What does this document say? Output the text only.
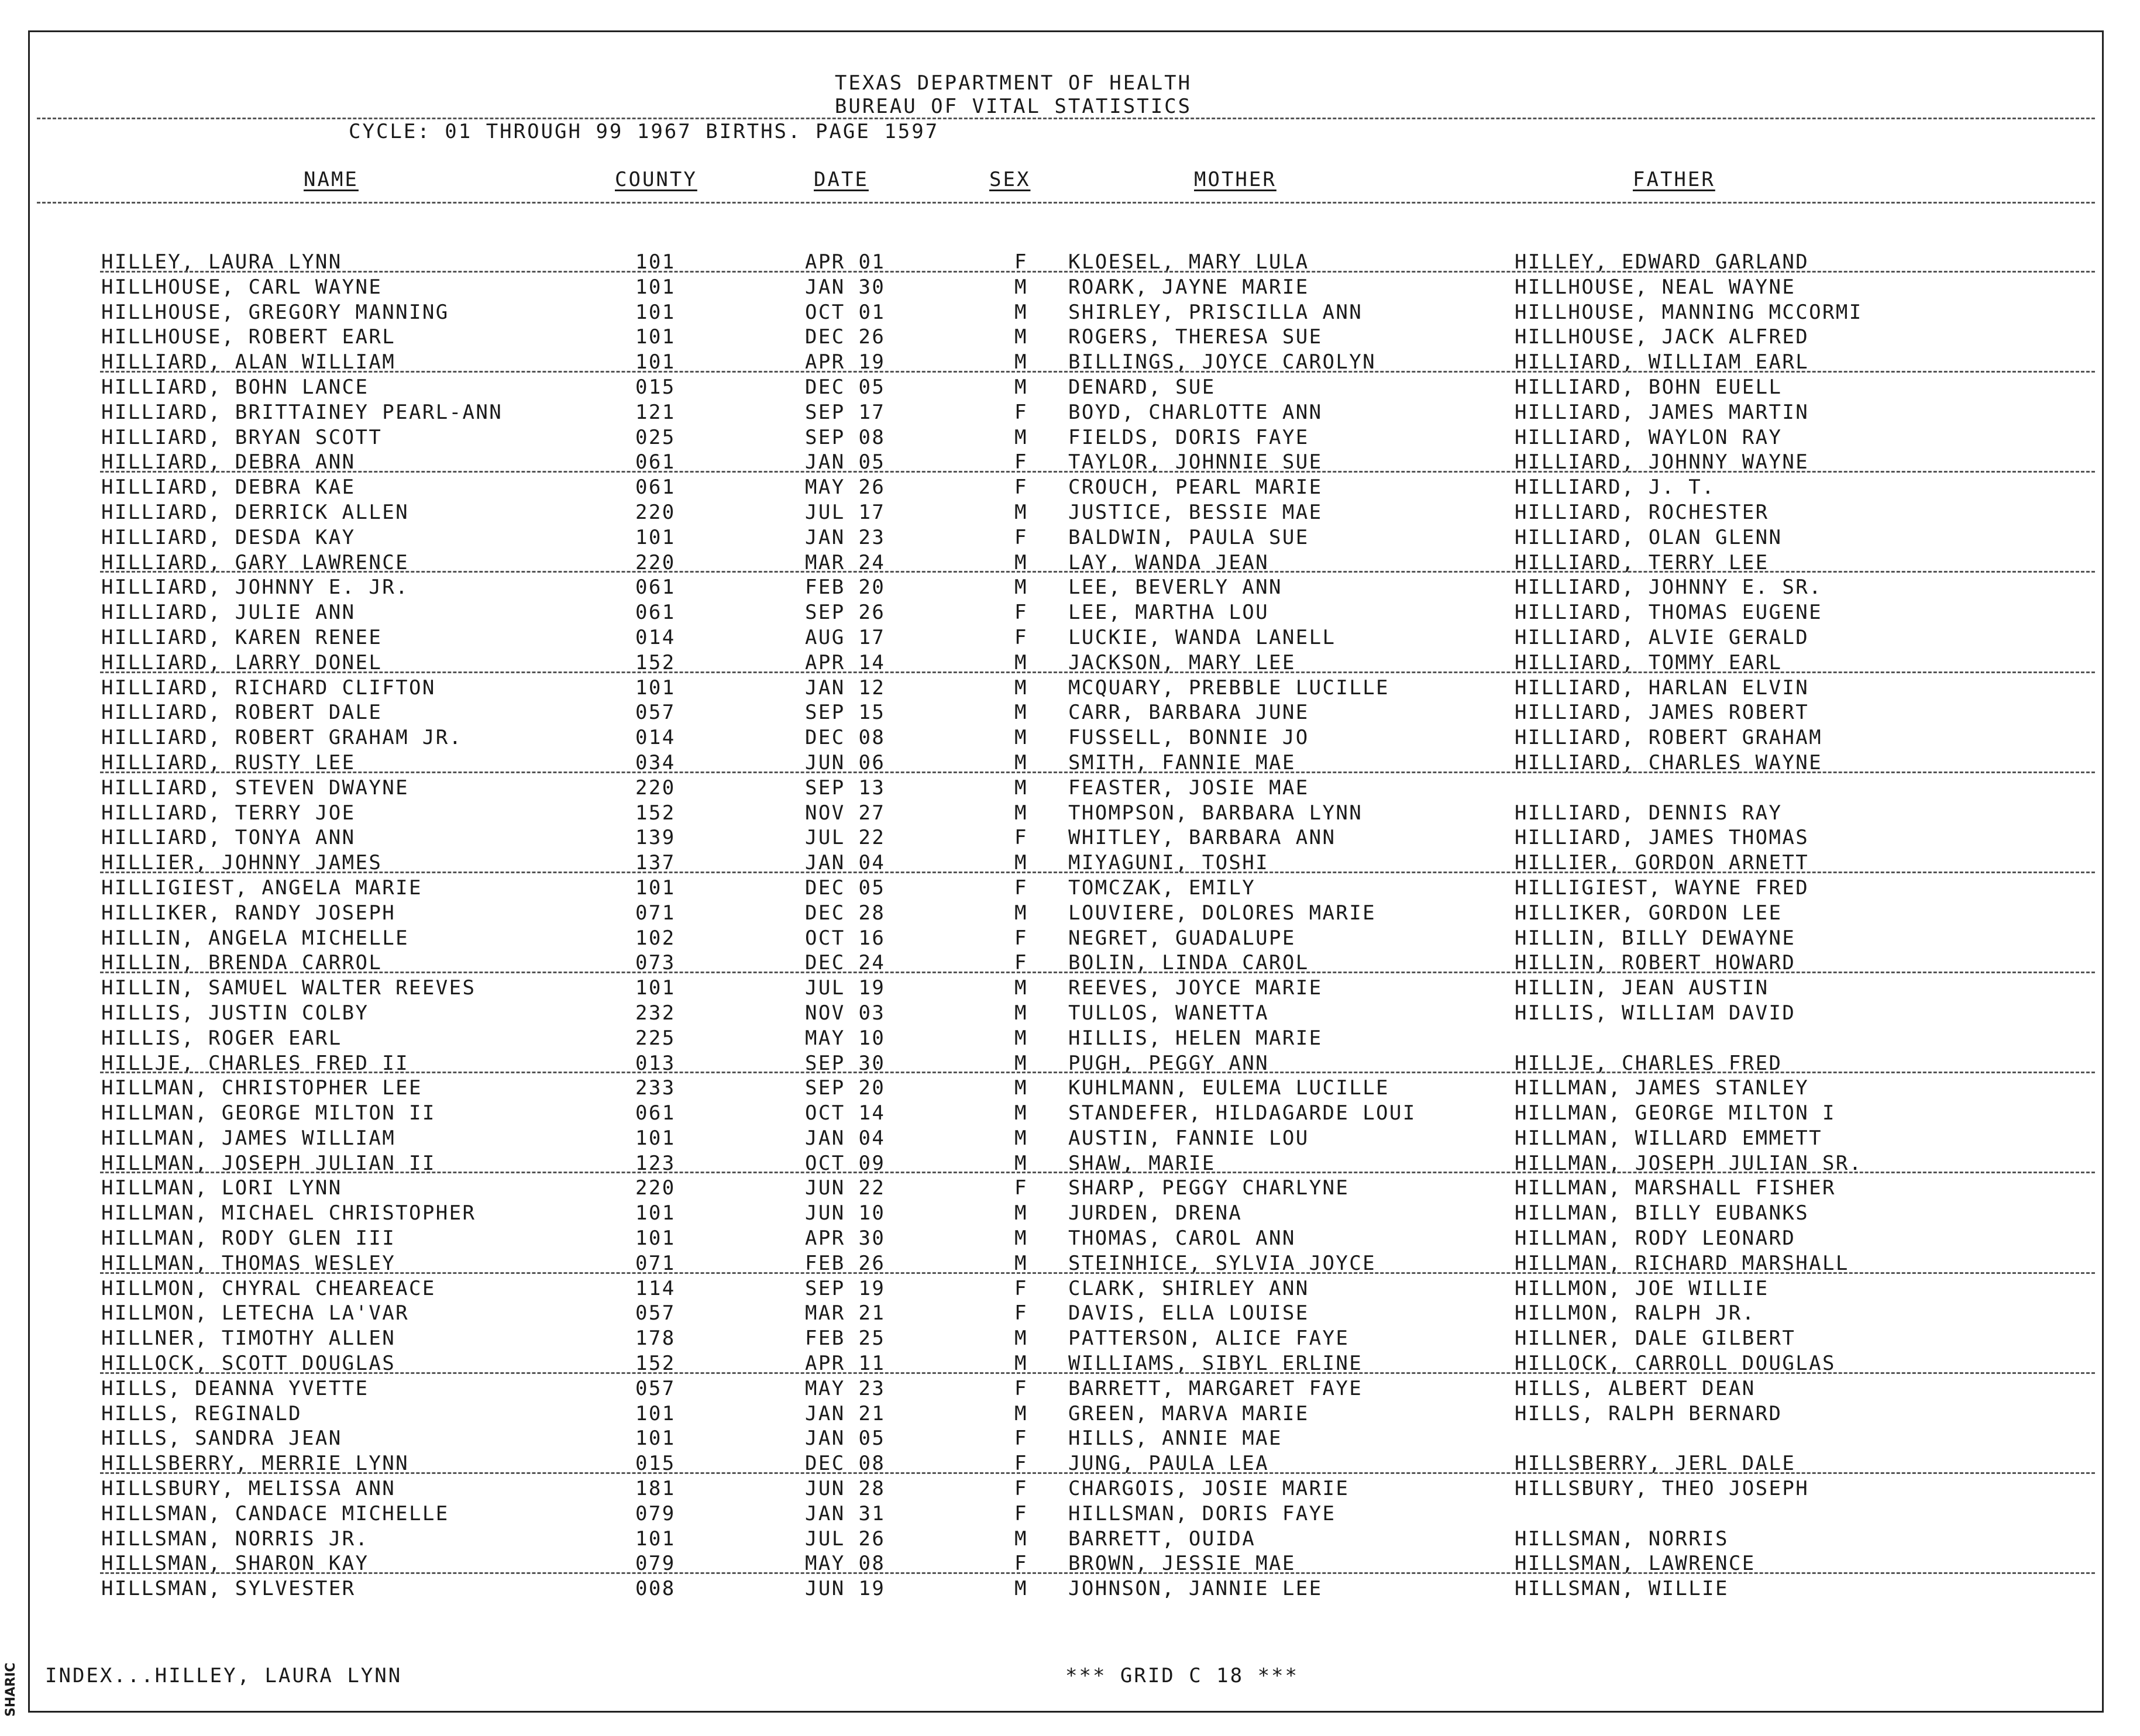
TEXAS DEPARTMENT OF HEALTH
BUREAU OF VITAL STATISTICS
CYCLE: 01 THROUGH 99 1967 BIRTHS. PAGE 1597
NAME	COUNTY	DATE	SEX	MOTHER	FATHER
HILLEY, LAURA LYNN	101	APR 01	F KLOESEL, MARY LULA	HILLEY, EDWARD GARLAND
HILLHOUSE, CARL WAYNE	101	JAN 30	M ROARK, JAYNE MARIE	HILLHOUSE, NEAL WAYNE
HILLHOUSE, GREGORY MANNING	101	OCT 01	M SHIRLEY, PRISCILLA ANN	HILLHOUSE, MANNING MCCORMI
HILLHOUSE, ROBERT EARL	101	DEC 26	M ROGERS, THERESA SUE	HILLHOUSE, JACK ALFRED
HILLIARD, ALAN WILLIAM	101	APR 19	M BILLINGS, JOYCE CAROLYN	HILLIARD, WILLIAM EARL
HILLIARD, BOHN LANCE	015	DEC 05	M DENARD, SUE	HILLIARD, BOHN EUELL
HILLIARD, BRITTAINEY PEARL-ANN	121	SEP 17	F BOYD, CHARLOTTE ANN	HILLIARD, JAMES MARTIN
HILLIARD, BRYAN SCOTT	025	SEP 08	M FIELDS, DORIS FAYE	HILLIARD, WAYLON RAY
HILLIARD, DEBRA ANN	061	JAN 05	F TAYLOR, JOHNNIE SUE	HILLIARD, JOHNNY WAYNE
HILLIARD, DEBRA KAE	061	MAY 26	F CROUCH, PEARL MARIE	HILLIARD, J. T.
HILLIARD, DERRICK ALLEN	220	JUL 17	M JUSTICE, BESSIE MAE	HILLIARD, ROCHESTER
HILLIARD, DESDA KAY	101	JAN 23	F BALDWIN, PAULA SUE	HILLIARD, OLAN GLENN
HILLIARD, GARY LAWRENCE	220	MAR 24	M LAY, WANDA JEAN	HILLIARD, TERRY LEE
HILLIARD, JOHNNY E. JR.	061	FEB 20	M LEE, BEVERLY ANN	HILLIARD, JOHNNY E. SR.
HILLIARD, JULIE ANN	061	SEP 26	F LEE, MARTHA LOU	HILLIARD, THOMAS EUGENE
HILLIARD, KAREN RENEE	014	AUG 17	F LUCKIE, WANDA LANELL	HILLIARD, ALVIE GERALD
HILLIARD, LARRY DONEL	152	APR 14	M JACKSON, MARY LEE	HILLIARD, TOMMY EARL
HILLIARD, RICHARD CLIFTON	101	JAN 12	M MCQUARY, PREBBLE LUCILLE	HILLIARD, HARLAN ELVIN
HILLIARD, ROBERT DALE	057	SEP 15	M CARR, BARBARA JUNE	HILLIARD, JAMES ROBERT
HILLIARD, ROBERT GRAHAM JR.	014	DEC 08	M FUSSELL, BONNIE JO	HILLIARD, ROBERT GRAHAM
HILLIARD, RUSTY LEE	034	JUN 06	M SMITH, FANNIE MAE	HILLIARD, CHARLES WAYNE
HILLIARD, STEVEN DWAYNE	220	SEP 13	M FEASTER, JOSIE MAE
HILLIARD, TERRY JOE	152	NOV 27	M THOMPSON, BARBARA LYNN	HILLIARD, DENNIS RAY
HILLIARD, TONYA ANN	139	JUL 22	F WHITLEY, BARBARA ANN	HILLIARD, JAMES THOMAS
HILLIER, JOHNNY JAMES	137	JAN 04	M MIYAGUNI, TOSHI	HILLIER, GORDON ARNETT
HILLIGIEST, ANGELA MARIE	101	DEC 05	F TOMCZAK, EMILY	HILLIGIEST, WAYNE FRED
HILLIKER, RANDY JOSEPH	071	DEC 28	M LOUVIERE, DOLORES MARIE	HILLIKER, GORDON LEE
HILLIN, ANGELA MICHELLE	102	OCT 16	F NEGRET, GUADALUPE	HILLIN, BILLY DEWAYNE
HILLIN, BRENDA CARROL	073	DEC 24	F BOLIN, LINDA CAROL	HILLIN, ROBERT HOWARD
HILLIN, SAMUEL WALTER REEVES	101	JUL 19	M REEVES, JOYCE MARIE	HILLIN, JEAN AUSTIN
HILLIS, JUSTIN COLBY	232	NOV 03	M TULLOS, WANETTA	HILLIS, WILLIAM DAVID
HILLIS, ROGER EARL	225	MAY 10	M HILLIS, HELEN MARIE
HILLJE, CHARLES FRED II	013	SEP 30	M PUGH, PEGGY ANN	HILLJE, CHARLES FRED
HILLMAN, CHRISTOPHER LEE	233	SEP 20	M KUHLMANN, EULEMA LUCILLE	HILLMAN, JAMES STANLEY
HILLMAN, GEORGE MILTON II	061	OCT 14	M STANDEFER, HILDAGARDE LOUI	HILLMAN, GEORGE MILTON I
HILLMAN, JAMES WILLIAM	101	JAN 04	M AUSTIN, FANNIE LOU	HILLMAN, WILLARD EMMETT
HILLMAN, JOSEPH JULIAN II	123	OCT 09	M SHAW, MARIE	HILLMAN, JOSEPH JULIAN SR.
HILLMAN, LORI LYNN	220	JUN 22	F SHARP, PEGGY CHARLYNE	HILLMAN, MARSHALL FISHER
HILLMAN, MICHAEL CHRISTOPHER	101	JUN 10	M JURDEN, DRENA	HILLMAN, BILLY EUBANKS
HILLMAN, RODY GLEN III	101	APR 30	M THOMAS, CAROL ANN	HILLMAN, RODY LEONARD
HILLMAN, THOMAS WESLEY	071	FEB 26	M STEINHICE, SYLVIA JOYCE	HILLMAN, RICHARD MARSHALL
HILLMON, CHYRAL CHEAREACE	114	SEP 19	F CLARK, SHIRLEY ANN	HILLMON, JOE WILLIE
HILLMON, LETECHA LA'VAR	057	MAR 21	F DAVIS, ELLA LOUISE	HILLMON, RALPH JR.
HILLNER, TIMOTHY ALLEN	178	FEB 25	M PATTERSON, ALICE FAYE	HILLNER, DALE GILBERT
HILLOCK, SCOTT DOUGLAS	152	APR 11	M WILLIAMS, SIBYL ERLINE	HILLOCK, CARROLL DOUGLAS
HILLS, DEANNA YVETTE	057	MAY 23	F BARRETT, MARGARET FAYE	HILLS, ALBERT DEAN
HILLS, REGINALD	101	JAN 21	M GREEN, MARVA MARIE	HILLS, RALPH BERNARD
HILLS, SANDRA JEAN	101	JAN 05	F HILLS, ANNIE MAE
HILLSBERRY, MERRIE LYNN	015	DEC 08	F JUNG, PAULA LEA	HILLSBERRY, JERL DALE
HILLSBURY, MELISSA ANN	181	JUN 28	F CHARGOIS, JOSIE MARIE	HILLSBURY, THEO JOSEPH
HILLSMAN, CANDACE MICHELLE	079	JAN 31	F HILLSMAN, DORIS FAYE
HILLSMAN, NORRIS JR.	101	JUL 26	M BARRETT, OUIDA	HILLSMAN, NORRIS
HILLSMAN, SHARON KAY	079	MAY 08	F BROWN, JESSIE MAE	HILLSMAN, LAWRENCE
HILLSMAN, SYLVESTER	008	JUN 19	M JOHNSON, JANNIE LEE	HILLSMAN, WILLIE
INDEX...HILLEY, LAURA LYNN	*** GRID C 18 ***
SHARIC
